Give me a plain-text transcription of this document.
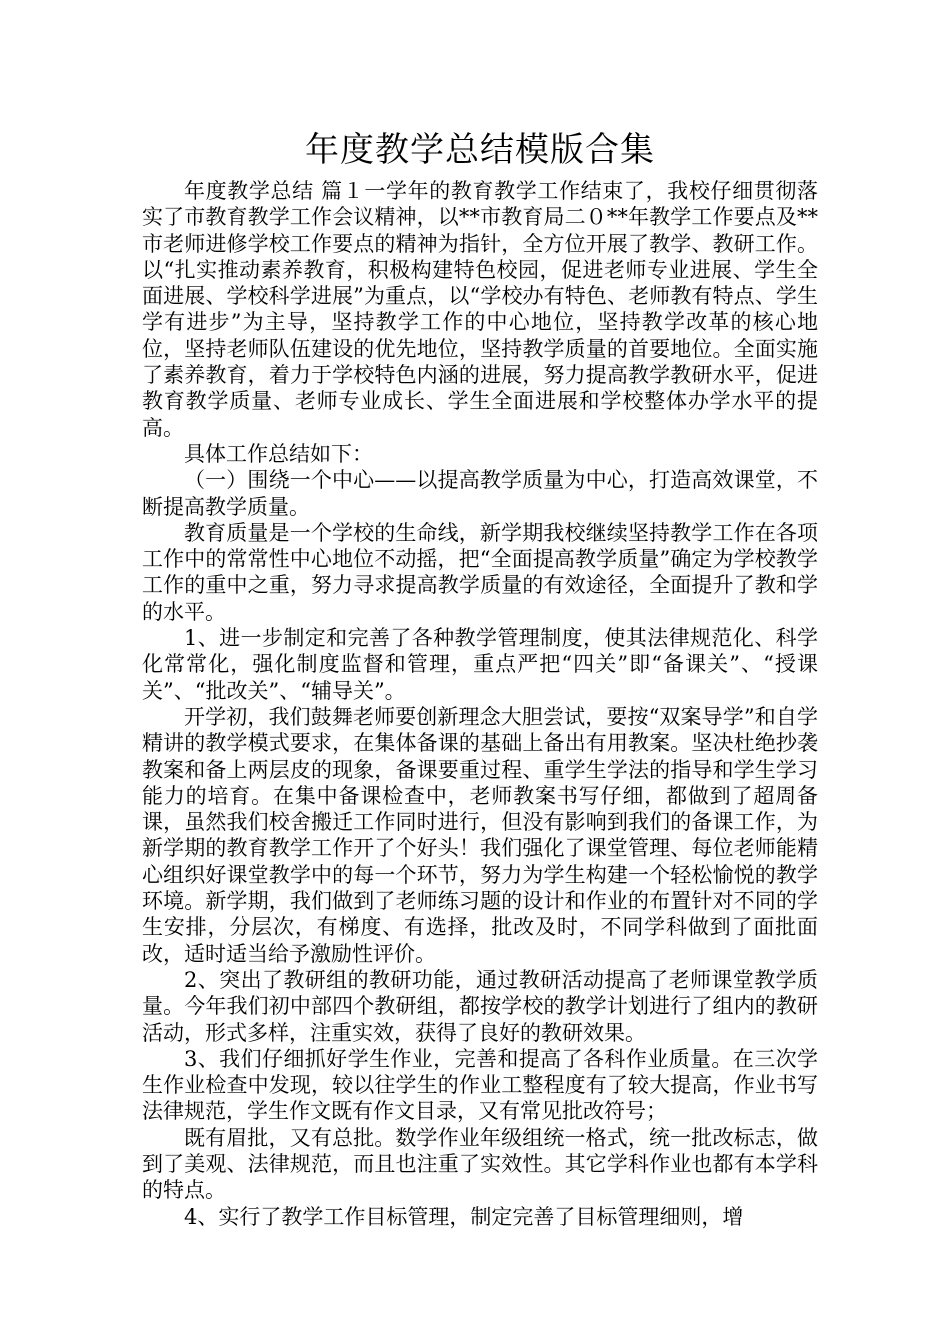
年度教学总结模版合集

年度教学总结 篇１一学年的教育教学工作结束了，我校仔细贯彻落实了市教育教学工作会议精神，以**市教育局二０**年教学工作要点及**市老师进修学校工作要点的精神为指针，全方位开展了教学、教研工作。以“扎实推动素养教育，积极构建特色校园，促进老师专业进展、学生全面进展、学校科学进展”为重点，以“学校办有特色、老师教有特点、学生学有进步”为主导，坚持教学工作的中心地位，坚持教学改革的核心地位，坚持老师队伍建设的优先地位，坚持教学质量的首要地位。全面实施了素养教育，着力于学校特色内涵的进展，努力提高教学教研水平，促进教育教学质量、老师专业成长、学生全面进展和学校整体办学水平的提高。

具体工作总结如下：

（一）围绕一个中心——以提高教学质量为中心，打造高效课堂，不断提高教学质量。

教育质量是一个学校的生命线，新学期我校继续坚持教学工作在各项工作中的常常性中心地位不动摇，把“全面提高教学质量”确定为学校教学工作的重中之重，努力寻求提高教学质量的有效途径，全面提升了教和学的水平。

1、进一步制定和完善了各种教学管理制度，使其法律规范化、科学化常常化，强化制度监督和管理，重点严把“四关”即“备课关”、“授课关”、“批改关”、“辅导关”。

开学初，我们鼓舞老师要创新理念大胆尝试，要按“双案导学”和自学精讲的教学模式要求，在集体备课的基础上备出有用教案。坚决杜绝抄袭教案和备上两层皮的现象，备课要重过程、重学生学法的指导和学生学习能力的培育。在集中备课检查中，老师教案书写仔细，都做到了超周备课，虽然我们校舍搬迁工作同时进行，但没有影响到我们的备课工作，为新学期的教育教学工作开了个好头！我们强化了课堂管理、每位老师能精心组织好课堂教学中的每一个环节，努力为学生构建一个轻松愉悦的教学环境。新学期，我们做到了老师练习题的设计和作业的布置针对不同的学生安排，分层次，有梯度、有选择，批改及时，不同学科做到了面批面改，适时适当给予激励性评价。

2、突出了教研组的教研功能，通过教研活动提高了老师课堂教学质量。今年我们初中部四个教研组，都按学校的教学计划进行了组内的教研活动，形式多样，注重实效，获得了良好的教研效果。

3、我们仔细抓好学生作业，完善和提高了各科作业质量。在三次学生作业检查中发现，较以往学生的作业工整程度有了较大提高，作业书写法律规范，学生作文既有作文目录，又有常见批改符号；

既有眉批，又有总批。数学作业年级组统一格式，统一批改标志，做到了美观、法律规范，而且也注重了实效性。其它学科作业也都有本学科的特点。

4、实行了教学工作目标管理，制定完善了目标管理细则，增
